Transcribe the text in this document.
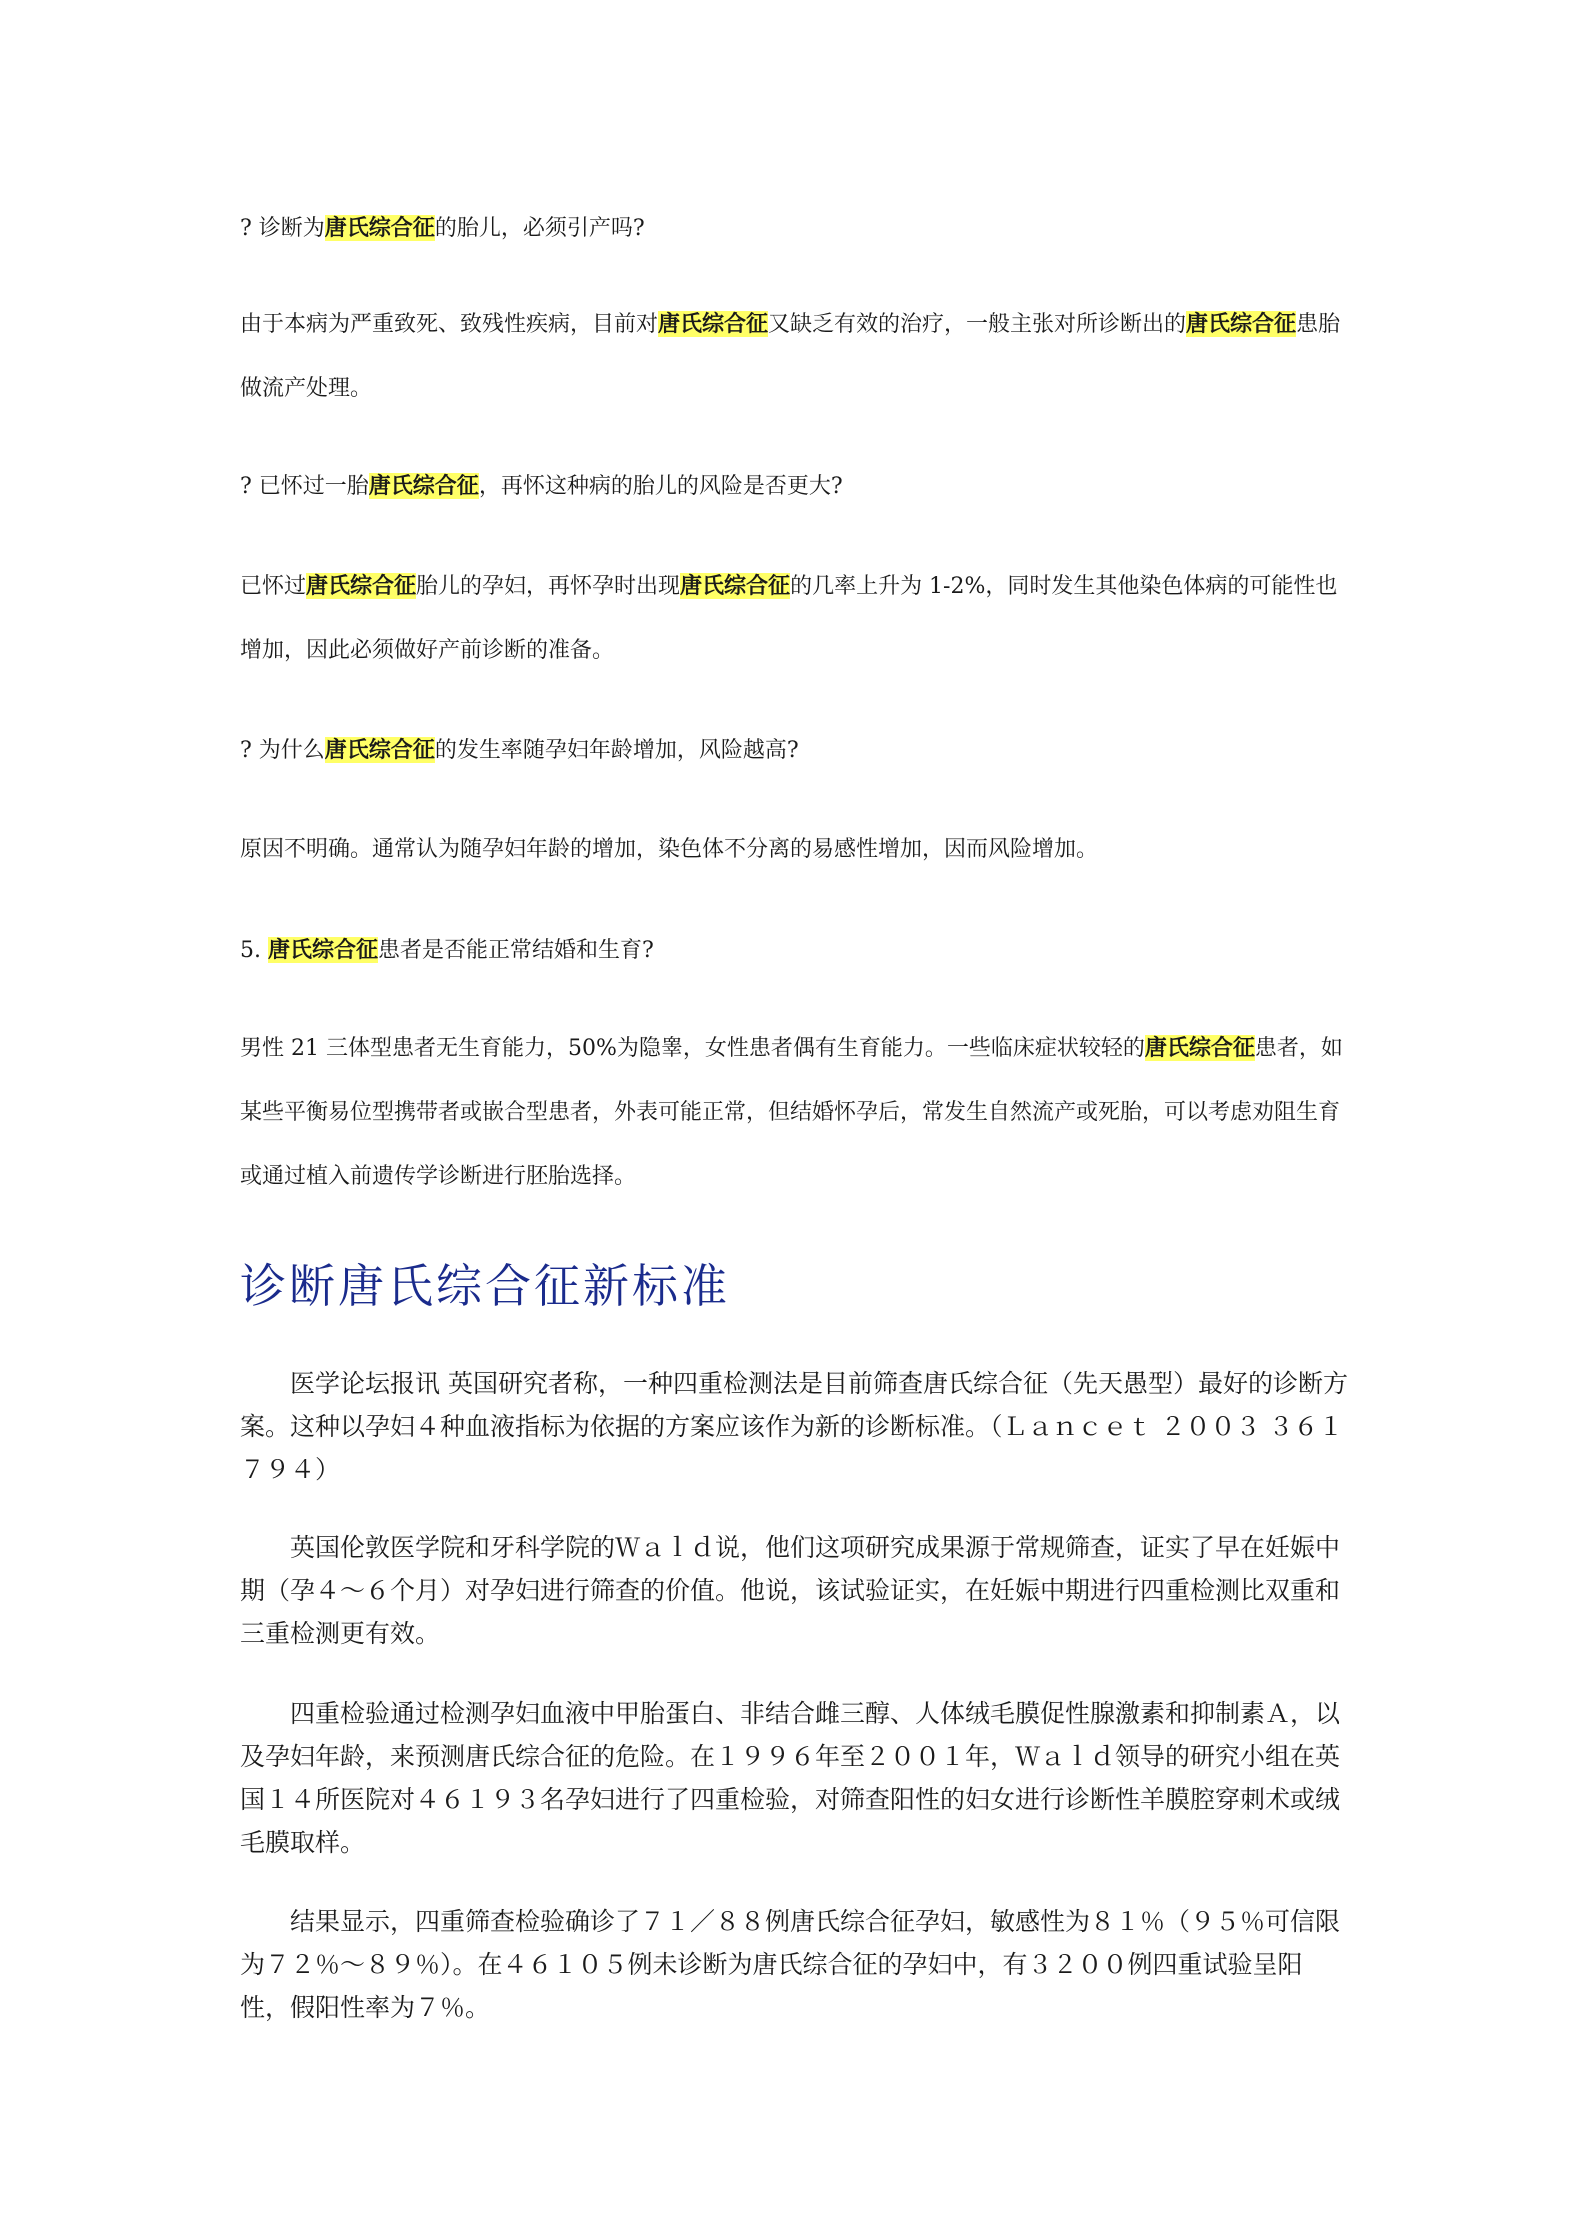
? 诊断为唐氏综合征的胎儿，必须引产吗?

由于本病为严重致死、致残性疾病，目前对唐氏综合征又缺乏有效的治疗，一般主张对所诊断出的唐氏综合征患胎做流产处理。

? 已怀过一胎唐氏综合征，再怀这种病的胎儿的风险是否更大?

已怀过唐氏综合征胎儿的孕妇，再怀孕时出现唐氏综合征的几率上升为 1-2%，同时发生其他染色体病的可能性也增加，因此必须做好产前诊断的准备。

? 为什么唐氏综合征的发生率随孕妇年龄增加，风险越高?

原因不明确。通常认为随孕妇年龄的增加，染色体不分离的易感性增加，因而风险增加。

5. 唐氏综合征患者是否能正常结婚和生育?

男性 21 三体型患者无生育能力，50%为隐睾，女性患者偶有生育能力。一些临床症状较轻的唐氏综合征患者，如某些平衡易位型携带者或嵌合型患者，外表可能正常，但结婚怀孕后，常发生自然流产或死胎，可以考虑劝阻生育或通过植入前遗传学诊断进行胚胎选择。

诊断唐氏综合征新标准

医学论坛报讯 英国研究者称，一种四重检测法是目前筛查唐氏综合征（先天愚型）最好的诊断方案。这种以孕妇４种血液指标为依据的方案应该作为新的诊断标准。（Ｌａｎｃｅｔ ２００３ ３６１ ７９４）

英国伦敦医学院和牙科学院的Ｗａｌｄ说，他们这项研究成果源于常规筛查，证实了早在妊娠中期（孕４～６个月）对孕妇进行筛查的价值。他说，该试验证实，在妊娠中期进行四重检测比双重和三重检测更有效。

四重检验通过检测孕妇血液中甲胎蛋白、非结合雌三醇、人体绒毛膜促性腺激素和抑制素Ａ，以及孕妇年龄，来预测唐氏综合征的危险。在１９９６年至２００１年，Ｗａｌｄ领导的研究小组在英国１４所医院对４６１９３名孕妇进行了四重检验，对筛查阳性的妇女进行诊断性羊膜腔穿刺术或绒毛膜取样。

结果显示，四重筛查检验确诊了７１／８８例唐氏综合征孕妇，敏感性为８１％（９５％可信限为７２％～８９％）。在４６１０５例未诊断为唐氏综合征的孕妇中，有３２００例四重试验呈阳性，假阳性率为７％。
